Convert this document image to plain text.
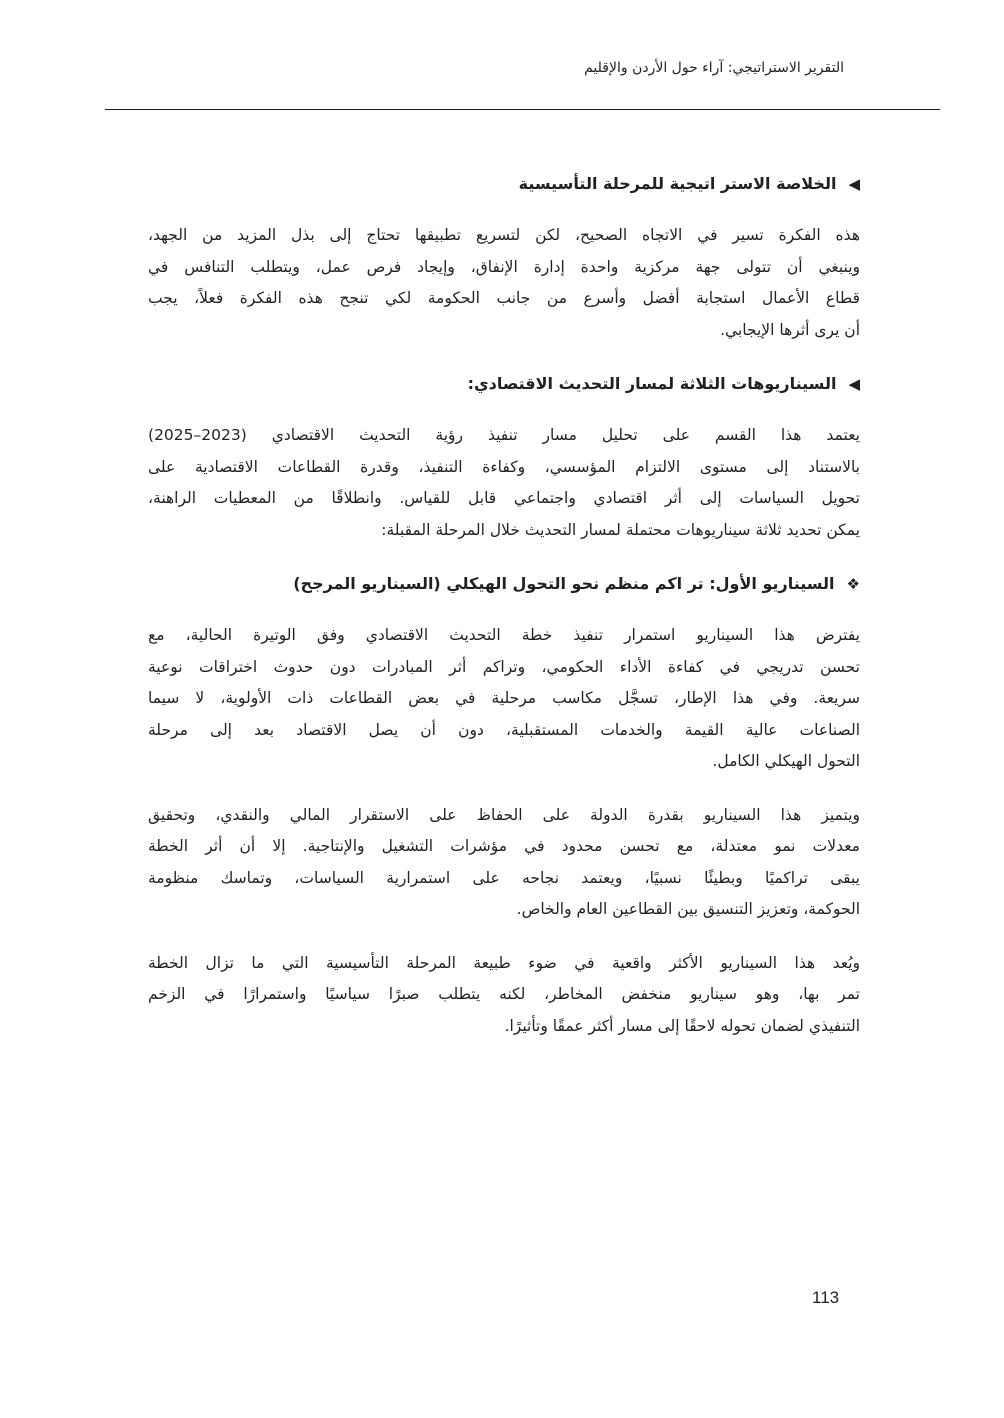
التقرير الاستراتيجي: آراء حول الأردن والإقليم
◀
الخلاصة الاستر اتيجية للمرحلة التأسيسية
هذه الفكرة تسير في الاتجاه الصحيح، لكن لتسريع تطبيقها تحتاج إلى بذل المزيد من الجهد،
وينبغي أن تتولى جهة مركزية واحدة إدارة الإنفاق، وإيجاد فرص عمل، ويتطلب التنافس في
قطاع الأعمال استجابة أفضل وأسرع من جانب الحكومة لكي تنجح هذه الفكرة فعلاً، يجب
أن يرى أثرها الإيجابي.
◀
السيناريوهات الثلاثة لمسار التحديث الاقتصادي:
يعتمد هذا القسم على تحليل مسار تنفيذ رؤية التحديث الاقتصادي (2023–2025)
بالاستناد إلى مستوى الالتزام المؤسسي، وكفاءة التنفيذ، وقدرة القطاعات الاقتصادية على
تحويل السياسات إلى أثر اقتصادي واجتماعي قابل للقياس. وانطلاقًا من المعطيات الراهنة،
يمكن تحديد ثلاثة سيناريوهات محتملة لمسار التحديث خلال المرحلة المقبلة:
❖
السيناريو الأول: تر اكم منظم نحو التحول الهيكلي (السيناريو المرجح)
يفترض هذا السيناريو استمرار تنفيذ خطة التحديث الاقتصادي وفق الوتيرة الحالية، مع
تحسن تدريجي في كفاءة الأداء الحكومي، وتراكم أثر المبادرات دون حدوث اختراقات نوعية
سريعة. وفي هذا الإطار، تسجَّل مكاسب مرحلية في بعض القطاعات ذات الأولوية، لا سيما
الصناعات عالية القيمة والخدمات المستقبلية، دون أن يصل الاقتصاد بعد إلى مرحلة
التحول الهيكلي الكامل.
ويتميز هذا السيناريو بقدرة الدولة على الحفاظ على الاستقرار المالي والنقدي، وتحقيق
معدلات نمو معتدلة، مع تحسن محدود في مؤشرات التشغيل والإنتاجية. إلا أن أثر الخطة
يبقى تراكميًا وبطيئًا نسبيًا، ويعتمد نجاحه على استمرارية السياسات، وتماسك منظومة
الحوكمة، وتعزيز التنسيق بين القطاعين العام والخاص.
ويُعد هذا السيناريو الأكثر واقعية في ضوء طبيعة المرحلة التأسيسية التي ما تزال الخطة
تمر بها، وهو سيناريو منخفض المخاطر، لكنه يتطلب صبرًا سياسيًا واستمرارًا في الزخم
التنفيذي لضمان تحوله لاحقًا إلى مسار أكثر عمقًا وتأثيرًا.
113
